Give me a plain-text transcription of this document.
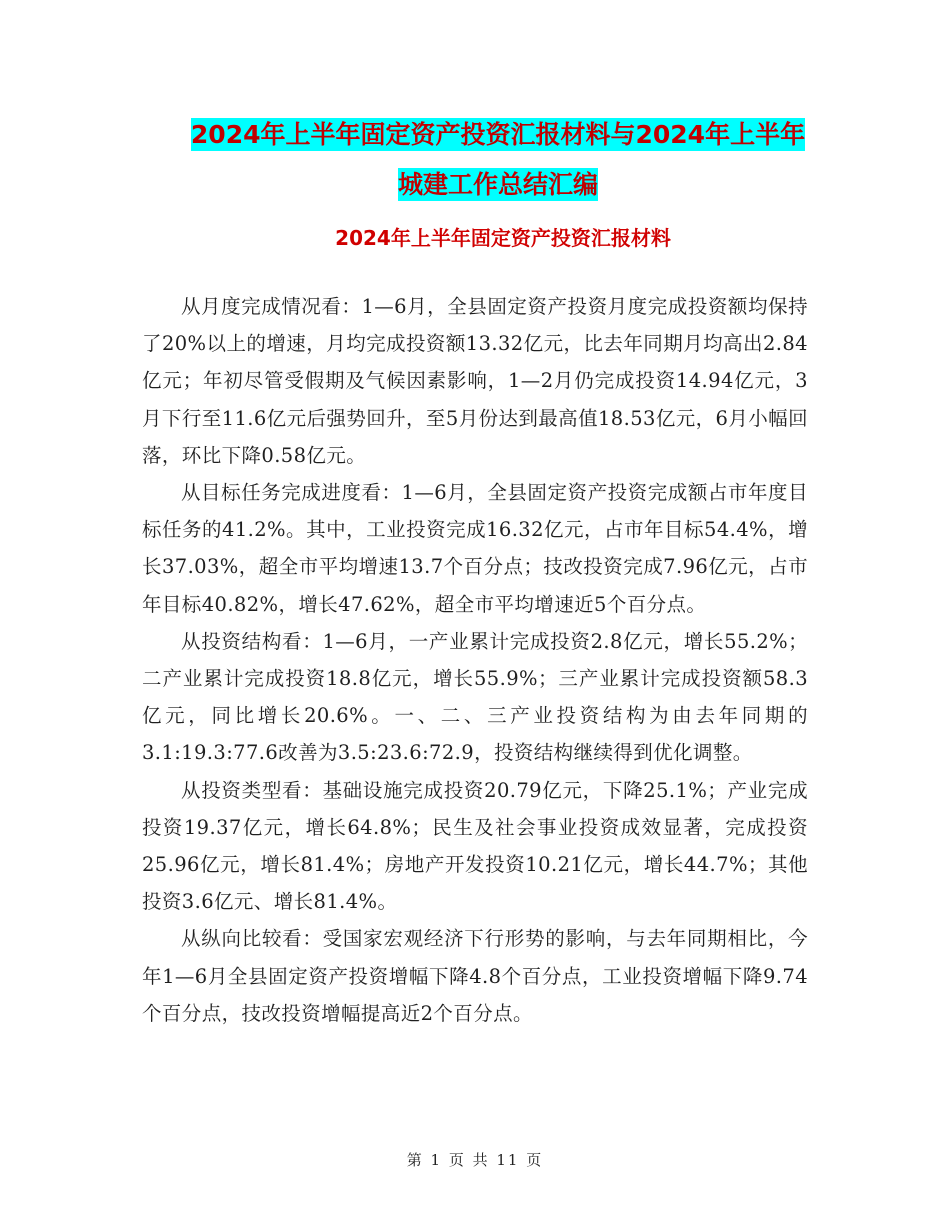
2024年上半年固定资产投资汇报材料与2024年上半年
城建工作总结汇编
2024年上半年固定资产投资汇报材料

从月度完成情况看：1—6月，全县固定资产投资月度完成投资额均保持了20%以上的增速，月均完成投资额13.32亿元，比去年同期月均高出2.84亿元；年初尽管受假期及气候因素影响，1—2月仍完成投资14.94亿元，3月下行至11.6亿元后强势回升，至5月份达到最高值18.53亿元，6月小幅回落，环比下降0.58亿元。

从目标任务完成进度看：1—6月，全县固定资产投资完成额占市年度目标任务的41.2%。其中，工业投资完成16.32亿元，占市年目标54.4%，增长37.03%，超全市平均增速13.7个百分点；技改投资完成7.96亿元，占市年目标40.82%，增长47.62%，超全市平均增速近5个百分点。

从投资结构看：1—6月，一产业累计完成投资2.8亿元，增长55.2%；二产业累计完成投资18.8亿元，增长55.9%；三产业累计完成投资额58.3亿元，同比增长20.6%。一、二、三产业投资结构为由去年同期的3.1:19.3:77.6改善为3.5:23.6:72.9，投资结构继续得到优化调整。

从投资类型看：基础设施完成投资20.79亿元，下降25.1%；产业完成投资19.37亿元，增长64.8%；民生及社会事业投资成效显著，完成投资25.96亿元，增长81.4%；房地产开发投资10.21亿元，增长44.7%；其他投资3.6亿元、增长81.4%。

从纵向比较看：受国家宏观经济下行形势的影响，与去年同期相比，今年1—6月全县固定资产投资增幅下降4.8个百分点，工业投资增幅下降9.74个百分点，技改投资增幅提高近2个百分点。

第 1 页 共 11 页
